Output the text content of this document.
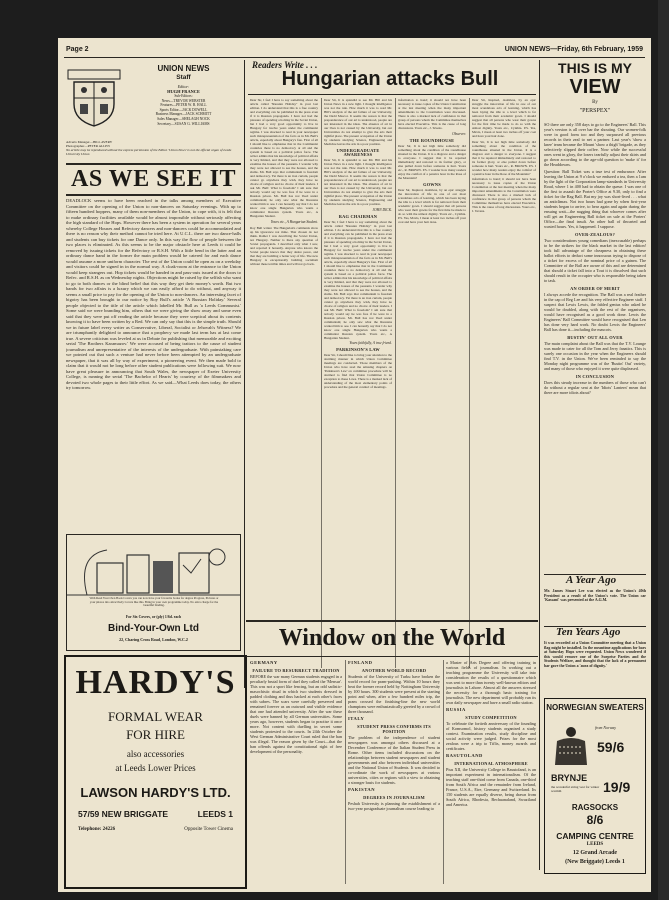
Page 2	UNION NEWS—Friday, 6th February, 1959
UNION NEWS
Staff
Editor:
HUGH FRANCE
Sub-Editors:
News—TREVOR WEBSTER
Features—PETER W. B. HALL
Sports Editor—JACK DOWELL
Business Manager—JACK SCHMITT
Sales Manager—SHELAGH NOCK
Secretary—SUSAN G. WILLIAMS
Adverts Manager—BILL AVERY
Photographer—PETER ALLEN
No article may be reproduced without the express permission of the Editor. 'Union News' is not the official organ of Leeds University Union
AS WE SEE IT

DEADLOCK seems to have been reached in the talks among members of Executive Committee on the opening of the Union to non-dancers on Saturday evenings. With up to fifteen hundred hoppers, many of them non-members of the Union, to cope with, it is felt that to make ordinary facilities available would be almost impossible without seriously affecting the high standard of the Hops. However there has been a system in operation for several years whereby College Houses and Refectory dancers and non-dancers could be accommodated and there is no reason why their method cannot be tried here. At U.C.L. there are two dance-halls and students can buy tickets for one Dance only. In this way the flow of people between the two places is eliminated. As this seems to be the major obstacle here at Leeds it could be removed by issuing tickets for the Refectory or R.S.H. With a little bend in the latter and an ordinary dance band in the former the main problem would be catered for and each dance would assume a more uniform character. The rest of the Union could be open as on a weekday and visitors could be signed in in the normal way. A cloak-room at the entrance to the Union would keep strangers out. Hop tickets would be handed in and pass-outs issued at the doors to Refec. and R.S.H. as on Wednesday nights. Objections might be raised by the selfish who want to go to both dances or the blind belief that this way they get their money's worth. But two bands for two affairs is a luxury which we can easily afford to do without, and anyway it seems a small price to pay for the opening of the Union to non-dancers. An interesting facet of bigotry has been brought to our notice by Roy Bull's article 'A Russian Holiday.' Several people objected to the title of the article which labelled Mr. Bull as 'a Leeds Communist.' Some said we were branding him, others that we were giving the show away and some even said that they were put off reading the article because they were sceptical about its contents knowing it to have been written by a Red. We can only say that this is the simple truth. Should we in future label every writer as Conservative, Liberal, Socialist or Jehovah's Witness? We are triumphantly delighted to announce that a prophecy we made last term has at last come true. A severe criticism was leveled at us in Debate for publishing that memorable and exciting serial 'The Brothers Karamazov.' We were accused of being traitors to the cause of student journalism and unrepresentative of the interests of the undergraduate. With painstaking care we pointed out that such a venture had never before been attempted by an undergraduate newspaper, that it was all by way of experiment, a pioneering event. We then made bold to claim that it would not be long before other student publications were following suit. We now have great pleasure in announcing that South Wales, the newspaper of Exeter University College, is running the serial 'The Bachelor of Hearts' by courtesy of the filmmakers and devoted two whole pages to their little effort. As we said—What Leeds does today, the others try tomorrow.

With Read Your Own Book Covers you can now have your favourite books for degree Progress, Pictures or your photos into attractively Covers like this. Bring in your own programme today. No extra charge for the beautiful binding.
For Six Covers, or (ply) 1/6d. each
Bind-Your-Own Ltd
22, Charing Cross Road, London, W.C.2
HARDY'S
FORMAL WEAR
FOR HIRE
also accessories
at Leeds Lower Prices
LAWSON HARDY'S LTD.
57/59 NEW BRIGGATE	LEEDS 1
Telephone: 24226	Opposite Tower Cinema
Readers Write . . .
Hungarian attacks Bull

Dear Sir, I feel I have to say something about the article called "Russian Holiday" in your last edition. I do understand that this is a free country and everything can be published in the press even if it is Russian propaganda. I have not had the pleasure of spending a holiday in the Soviet Union, but I had a very good opportunity to live in Hungary for twelve years under the communist regime. I was shocked to read in your newspaper such misrepresentation of the facts as in Mr. Bull's article, especially about Hungary's fate. First of all I should like to emphasise that in the Communist countries there is no democracy at all and the system is based on a political police force. The writer admits that his knowledge of political affairs is very limited, and that they were not allowed to examine the houses of the peasants. I wonder why they were not allowed to see the houses, and the slums. Mr. Bull says that communism is freedom and democracy. Yet there is an iron curtain, people cannot go anywhere they wish, they have no choice of religion and no choice of their leaders. I ask Mr. Bull: What is freedom? I am sure that nobody would say he was free if he were in a Russian prison. Mr. Bull has not lived under communism; he only saw what the Russians wanted him to see. I can honestly say that I do not know one single Hungarian who wants a communist Russian system. Yours etc., A Hungarian Student.

Yours etc., A Hungarian Student.

Roy Bull writes: The Hungarian's comments show up his ignorance not mine. That chosen do not think. Rather I was describing the Soviet Union, not Hungary. Neither is there any question of Soviet propaganda. I described only what I saw, and reported it honestly. Anyone who knows the Soviet people knows that they desire peace, and that they are building a better way of life. The new Hungary is exceptionally building socialism without these terrible times and will not go back.

Dear Sir, It is splendid to see Mr. Hill and his Union News in a new light. I thought intelligence was not the rule. How much it was to read Mr. Hill's analysis of the Art failure of our University, the Dadd Mascot. It seems the reason is that the preponderance of our art is understood, people are not interested in the ideas. The absence of art in our lives is not caused by the University, but our Universities do not attempt to give the arts their rightful place. The present occupation of the Union by students studying Science, Engineering and Medicine leaves the arts in a poor position.

UNDERGRADUATE AWARENESS

Dear Sir, It is splendid to see Mr. Hill and his Union News in a new light. I thought intelligence was not the rule. How much it was to read Mr. Hill's analysis of the Art failure of our University, the Dadd Mascot. It seems the reason is that the preponderance of our art is understood, people are not interested in the ideas. The absence of art in our lives is not caused by the University, but our Universities do not attempt to give the arts their rightful place. The present occupation of the Union by students studying Science, Engineering and Medicine leaves the arts in a poor position.

JOHN DICK.
RAG CHAIRMAN

Dear Sir, I feel I have to say something about the article called "Russian Holiday" in your last edition. I do understand that this is a free country and everything can be published in the press even if it is Russian propaganda. I have not had the pleasure of spending a holiday in the Soviet Union, but I had a very good opportunity to live in Hungary for twelve years under the communist regime. I was shocked to read in your newspaper such misrepresentation of the facts as in Mr. Bull's article, especially about Hungary's fate. First of all I should like to emphasise that in the Communist countries there is no democracy at all and the system is based on a political police force. The writer admits that his knowledge of political affairs is very limited, and that they were not allowed to examine the houses of the peasants. I wonder why they were not allowed to see the houses, and the slums. Mr. Bull says that communism is freedom and democracy. Yet there is an iron curtain, people cannot go anywhere they wish, they have no choice of religion and no choice of their leaders. I ask Mr. Bull: What is freedom? I am sure that nobody would say he was free if he were in a Russian prison. Mr. Bull has not lived under communism; he only saw what the Russians wanted him to see. I can honestly say that I do not know one single Hungarian who wants a communist Russian system. Yours etc., A Hungarian Student.

Yours faithfully, A true friend.
PARKINSON'S LAW

Dear Sir, I should like to bring your attention to the alarming manner in which Union Committee meetings are conducted. Those members of the Union who have read the amusing chapters on 'Parkinson's Law' on committee procedure will be alarmed to find that Union Committee is no exception to these Laws. There is a marked lack of understanding of the most elementary points of procedure and the general conduct of meetings.

information to hand; it should not have been necessary to issue copies of the Union Constitution at the last meeting when the many important amendments to the Constitution were discussed. There is also a marked lack of confidence in that group of persons whom the Committee themselves have elected Executive. This is the cause of long discussions. Yours etc., J. Tevens.

Observer.
THE ROUNDHOUSE

Dear Sir, It is not high time somebody did something about the condition of the roundhouse situated in the Union. It is a disgrace and a danger to everyone. I suggest that it be repaired immediately and restored to its former glory, or else pulled down before someone is hurt. Yours etc., R. BROWN. P.S. I wonder how many readers enjoy the comfort of a pensive hour in the Rose of the Mountain?

GOWNS

Dear Sir, Inspired, doubtless, by an epic struggle the innovation of life in one of our most scandalous acts of learning, which has been laying the idle to a level which is far removed from their academic gown. I should suggest that all persons who wear their gowns for the first time be made to do so with the utmost dignity. Yours etc., Cynthia. P.S. Yes, Mavis, I mean at least two inches off your coat and have your hair done.

Dear Sir, Inspired, doubtless, by an epic struggle the innovation of life in one of our most scandalous acts of learning, which has been laying the idle to a level which is far removed from their academic gown. I should suggest that all persons who wear their gowns for the first time be made to do so with the utmost dignity. Yours etc., Cynthia. P.S. Yes, Mavis, I mean at least two inches off your coat and have your hair done.

Dear Sir, It is not high time somebody did something about the condition of the roundhouse situated in the Union. It is a disgrace and a danger to everyone. I suggest that it be repaired immediately and restored to its former glory, or else pulled down before someone is hurt. Yours etc., R. BROWN. P.S. I wonder how many readers enjoy the comfort of a pensive hour in the Rose of the Mountain?

information to hand; it should not have been necessary to issue copies of the Union Constitution at the last meeting when the many important amendments to the Constitution were discussed. There is also a marked lack of confidence in that group of persons whom the Committee themselves have elected Executive. This is the cause of long discussions. Yours etc., J. Tevens.

THIS IS MY
VIEW
By
"PERSPEX"

SO there are only 358 days to go to the Engineers' Ball. This year's version is all over bar the shouting. Our women-folk were in good form too and they surpassed all previous records in their zeal to net a partner. Last year's 'show a knee' team became the Mount 'show a thigh' brigade, as they selectively slipped their coffee. Now while the successful ones went in glory, the losers tearfully adjust their skirts and go down according to the age-old question to 'make it' for the Headdowns.

Question: Ball Ticket was a true test of endurance. After leaving the Union at 9 o'clock we endured a tea, then a 1am by the light of the Corporation lamp-standards in University Road, where 1 in 400 had to obtain the queue. I was one of the first to assault the Porter's Office at 9.30, only to find a ticket for the Rag Ball. But my joy was short-lived . . . what an anticlimax. Not two hours had gone by when first-year students began to arrive, to hear again and again during the ensuing wait—the nagging thing that whoever comes after will get an Engineering Ball ticket on sale at the Porters' Office—the final insult. An other ball of thwarted and wasted hours. Yes, it happened. I suppose.

OVER-ZEALOUS?

Two considerations young comedians (inexcusable) perhaps to be the strikers for the black market in the last edition! took full advantage of the cheapness in obtaining these ballot efforts to deduct some innocuous trying to dispose of a ticket for excess of the nominal price of a guinea. The Committee of the Ball are aware of this and are determined that should a ticket fall into a Tout it is dissolved that such should result in the occupier who is responsible being taken to task.

AN ORDER OF MERIT

I always accede the recognition. The Ball was a real feather in the cap of Reg Lee and his very effective Engineer staff. I suspect that Lewis Lewis, the fabled genius who asked he would be doubled, along with the rest of the organisers, would have recognised as a good work done. Lewis the Engineers' Ball Committee would have recognised that Len has done very hard work. No doubt Lewis the Engineers' Ball has done it—including the mascots.

BUSTIN' OUT ALL OVER

The main complaint about the Ball was that the T.V. Lounge was made to cater for all the Tom and Jerry fanatics. This is surely one occasion in the year when the Engineers should find T.V. in the Union. We've been reminded to say the Monday night programme was of the 'Bustin' Out' variety, and many of those who enjoyed it were quite displeased.

IN CONCLUSION

Does this steady increase in the numbers of those who can't do without a regular seat at the 'Idiots' Lantern' mean that there are more idiots about?

A Year Ago
Mr. James Stuart Lee was elected as the Union's 40th President as a result of the Union's vote. The Union car 'Kassani' was presented at the A.G.M.
Ten Years Ago
It was recorded at a Union Committee meeting that a Union flag might be installed. In the meantime applications for bars at Saturday Hops were requested. Union News wondered if this would remove one of the Surprise Parties and the Students Welfare, and thought that the lack of a permanent bar gave the Union a 'aura of dignity.'
NORWEGIAN SWEATERS
from Norway
59/6
BRYNJE
the wonderful string vest for winter warmth	19/9
RAGSOCKS
8/6
CAMPING CENTRE
LEEDS
12 Grand Arcade
(New Briggate) Leeds 1
Window on the World
GERMANY
FAILURE TO RESURRECT TRADITION

BEFORE the war many German students engaged in a peculiarly brutal form of duel they called the 'Mensur'. This was not a sport like fencing, but an odd sadistic-masochistic ritual in which two students dressed in padded clothing and thus hacked at each other's faces with sabres. The scars were carefully preserved and remained forever as an outward and visible evidence that one had attended university. After the war these duels were banned by all German universities. Some years ago, however, students began to practise it once more. Not content with duelling in secret some students protested to the courts. In 24th October the West German Administrative Court ruled that the ban was illegal. The reason given by the Court—that the ban offends against the constitutional right of free development of the personality.

FINLAND
ANOTHER WORLD RECORD

Students of the University of Turku have broken the world record for pram-pushing. Within 10 hours they beat the former record held by Nottingham University by 100 hours. 300 students were present at the starting point and when, after a few hundred miles trip, the pram crossed the finishing-line the new world champions were enthusiastically greeted by a crowd of three thousand.

ITALY
STUDENT PRESS CONFIRMS ITS POSITION

The problem of the independence of student newspapers was amongst others discussed at a December Conference of the Italian Student Press in Rome. Other items included discussions on the relationships between student newspapers and student governments and also between individual universities and the National Union of Students. It was decided to co-ordinate the work of newspapers at various universities, cities or regions with a view to obtaining a stronger basis for students.

PAKISTAN
DEGREES IN JOURNALISM

Peshah University is planning the establishment of a two-year postgraduate journalism course leading to

a Master of Arts Degree and offering training in various fields of journalism. In working out a teaching programme the University will take into consideration the results of a questionnaire which was sent to more than twenty well-known editors and journalists in Lahore. Almost all the answers stressed the necessity for a thorough basic training for journalists. The new department will probably run its own daily newspaper and have a small radio station.

RUSSIA
STUDY COMPETITION

To celebrate the fortieth anniversary of the founding of Komsomol, history students organised a study contest. Examination results, study discipline and social activity were judged. Prizes for the most zealous were a trip to Tiflis, money awards and certificates.

BASUTOLAND
INTERNATIONAL ATMOSPHERE

Pius XII, the University College in Basutoland, is an important experiment in internationalism. Of the teaching staff one-third come from Canada, one-third from South Africa and the remainder from Ireland, France, U.S.A., Eire, Germany and Switzerland. Its 150 students are equally diverse, being drawn from South Africa, Rhodesia, Bechuanaland, Swaziland and America.
